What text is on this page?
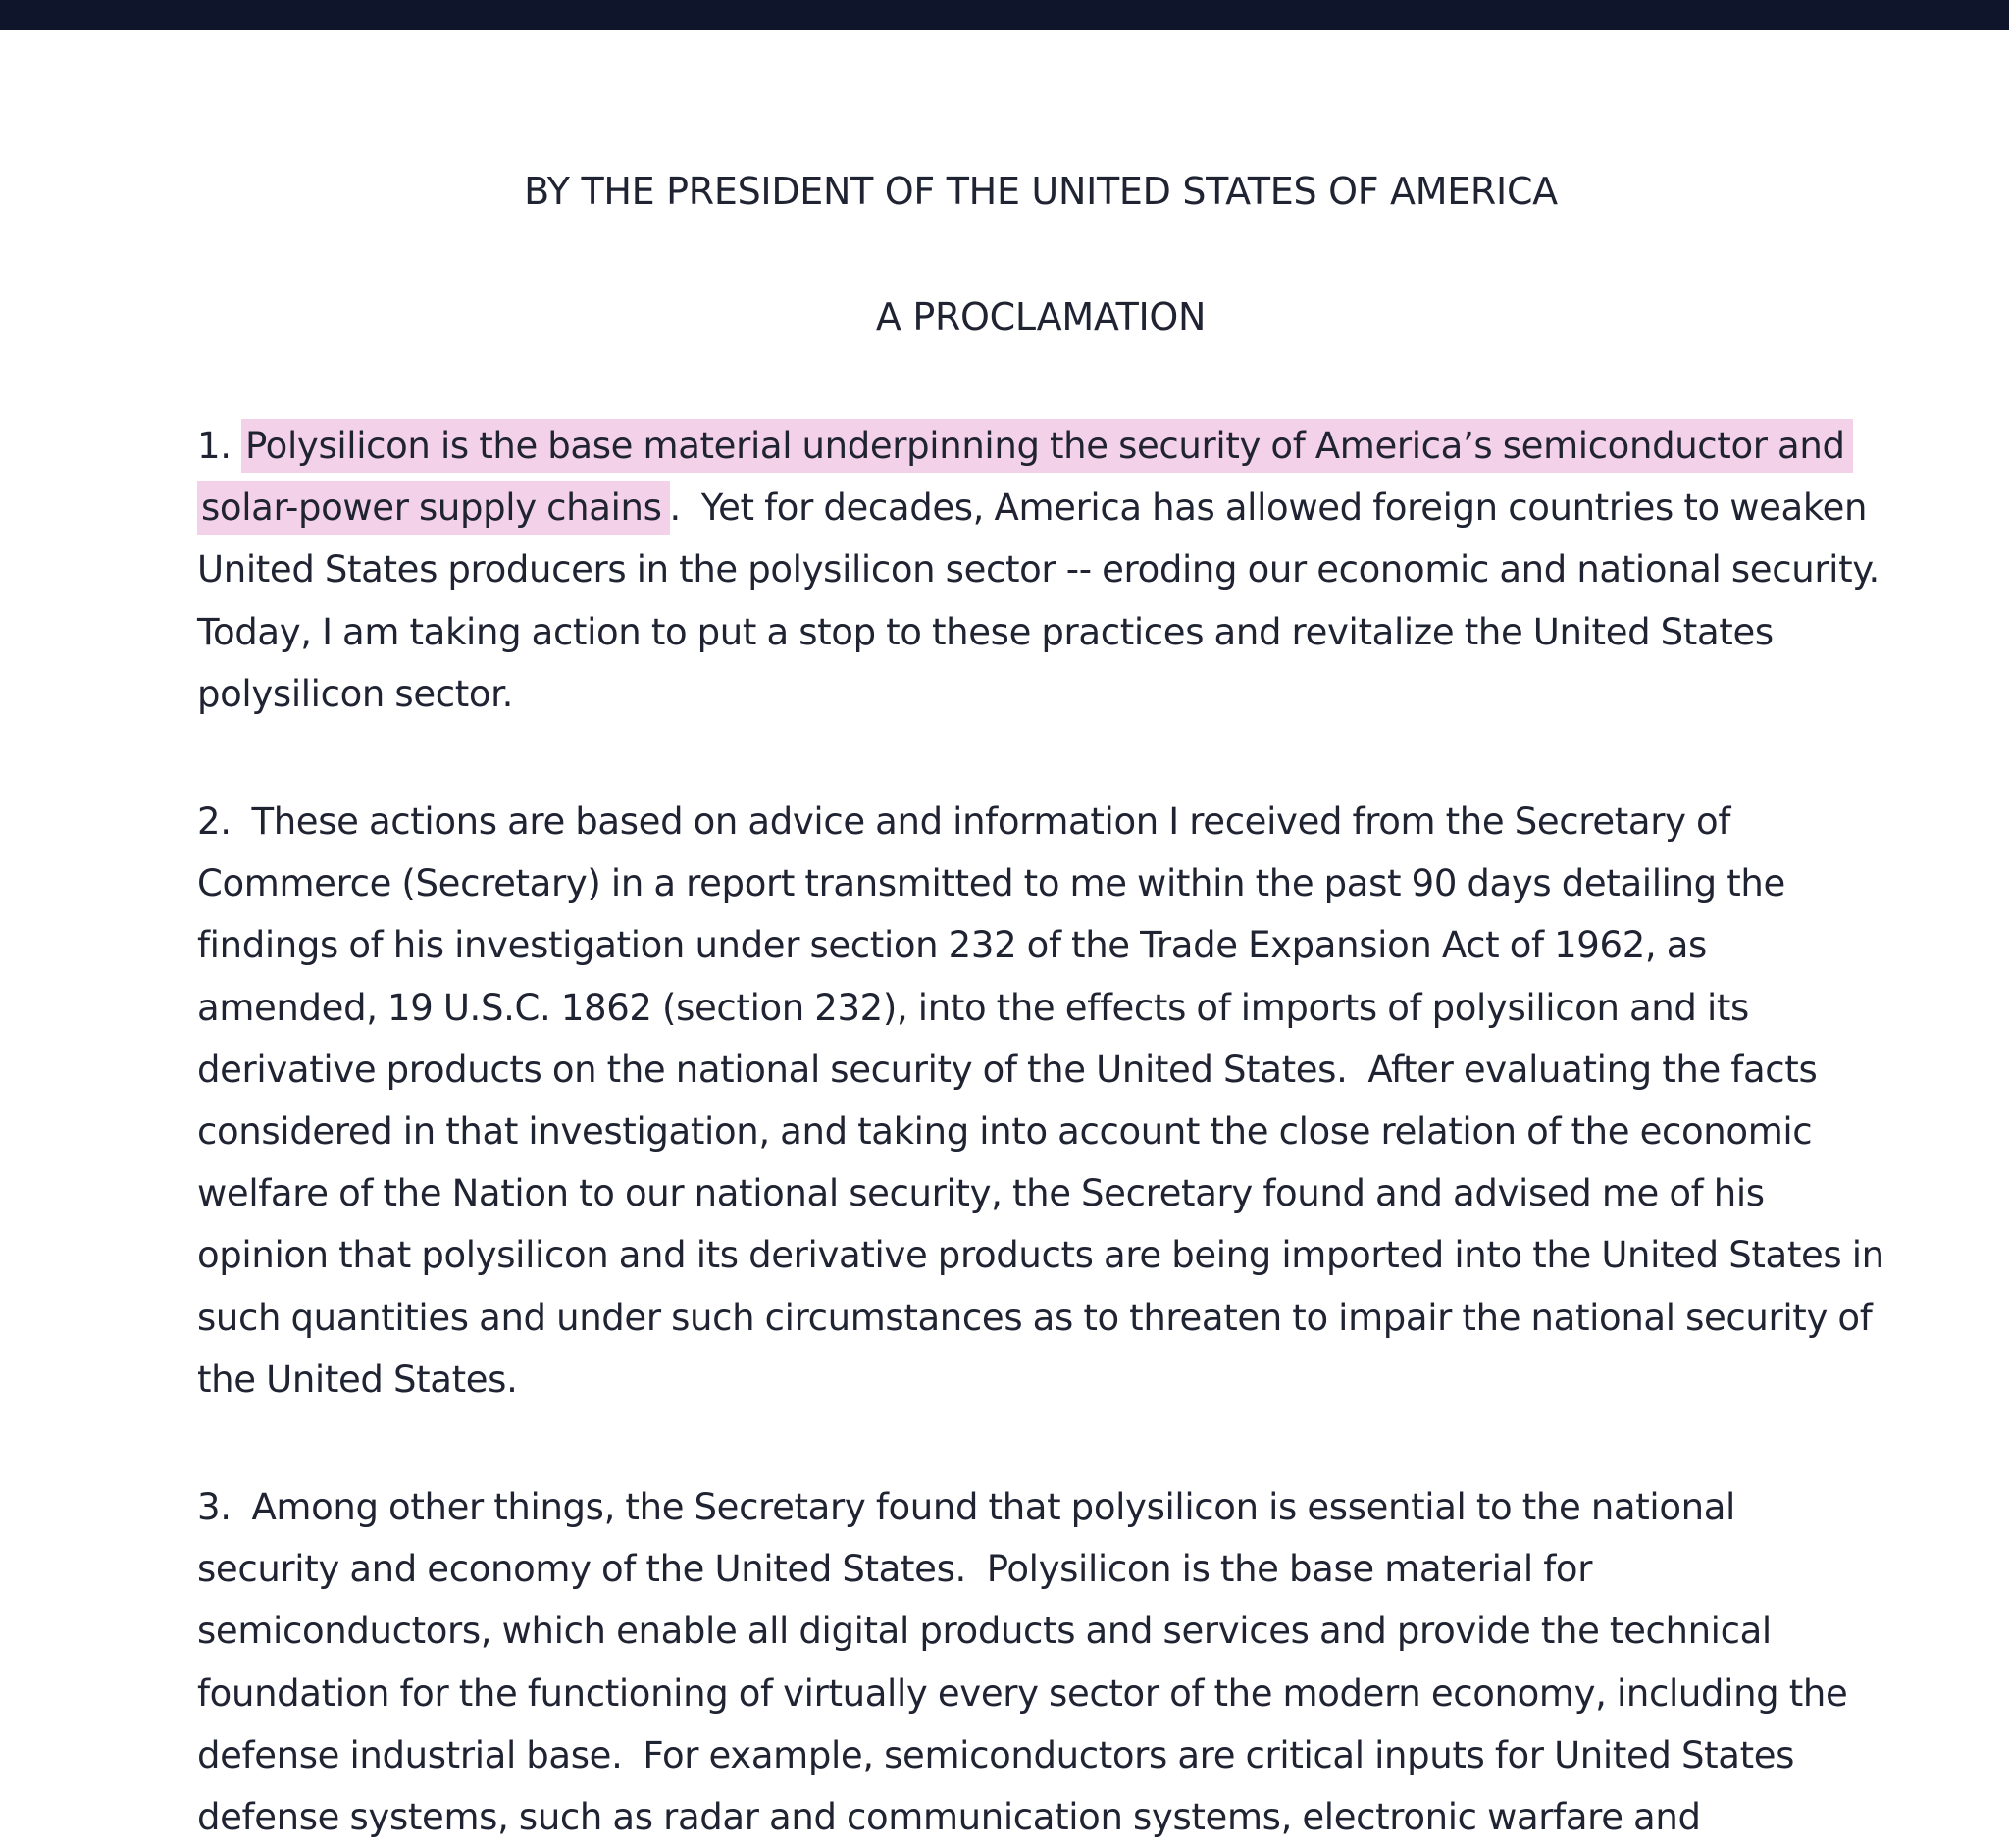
BY THE PRESIDENT OF THE UNITED STATES OF AMERICA
A PROCLAMATION

1. Polysilicon is the base material underpinning the security of America’s semiconductor and solar-power supply chains .  Yet for decades, America has allowed foreign countries to weaken United States producers in the polysilicon sector -- eroding our economic and national security.  Today, I am taking action to put a stop to these practices and revitalize the United States polysilicon sector.

2. These actions are based on advice and information I received from the Secretary of Commerce (Secretary) in a report transmitted to me within the past 90 days detailing the findings of his investigation under section 232 of the Trade Expansion Act of 1962, as amended, 19 U.S.C. 1862 (section 232), into the effects of imports of polysilicon and its derivative products on the national security of the United States.  After evaluating the facts considered in that investigation, and taking into account the close relation of the economic welfare of the Nation to our national security, the Secretary found and advised me of his opinion that polysilicon and its derivative products are being imported into the United States in such quantities and under such circumstances as to threaten to impair the national security of the United States.

3. Among other things, the Secretary found that polysilicon is essential to the national security and economy of the United States.  Polysilicon is the base material for semiconductors, which enable all digital products and services and provide the technical foundation for the functioning of virtually every sector of the modern economy, including the defense industrial base.  For example, semiconductors are critical inputs for United States defense systems, such as radar and communication systems, electronic warfare and
